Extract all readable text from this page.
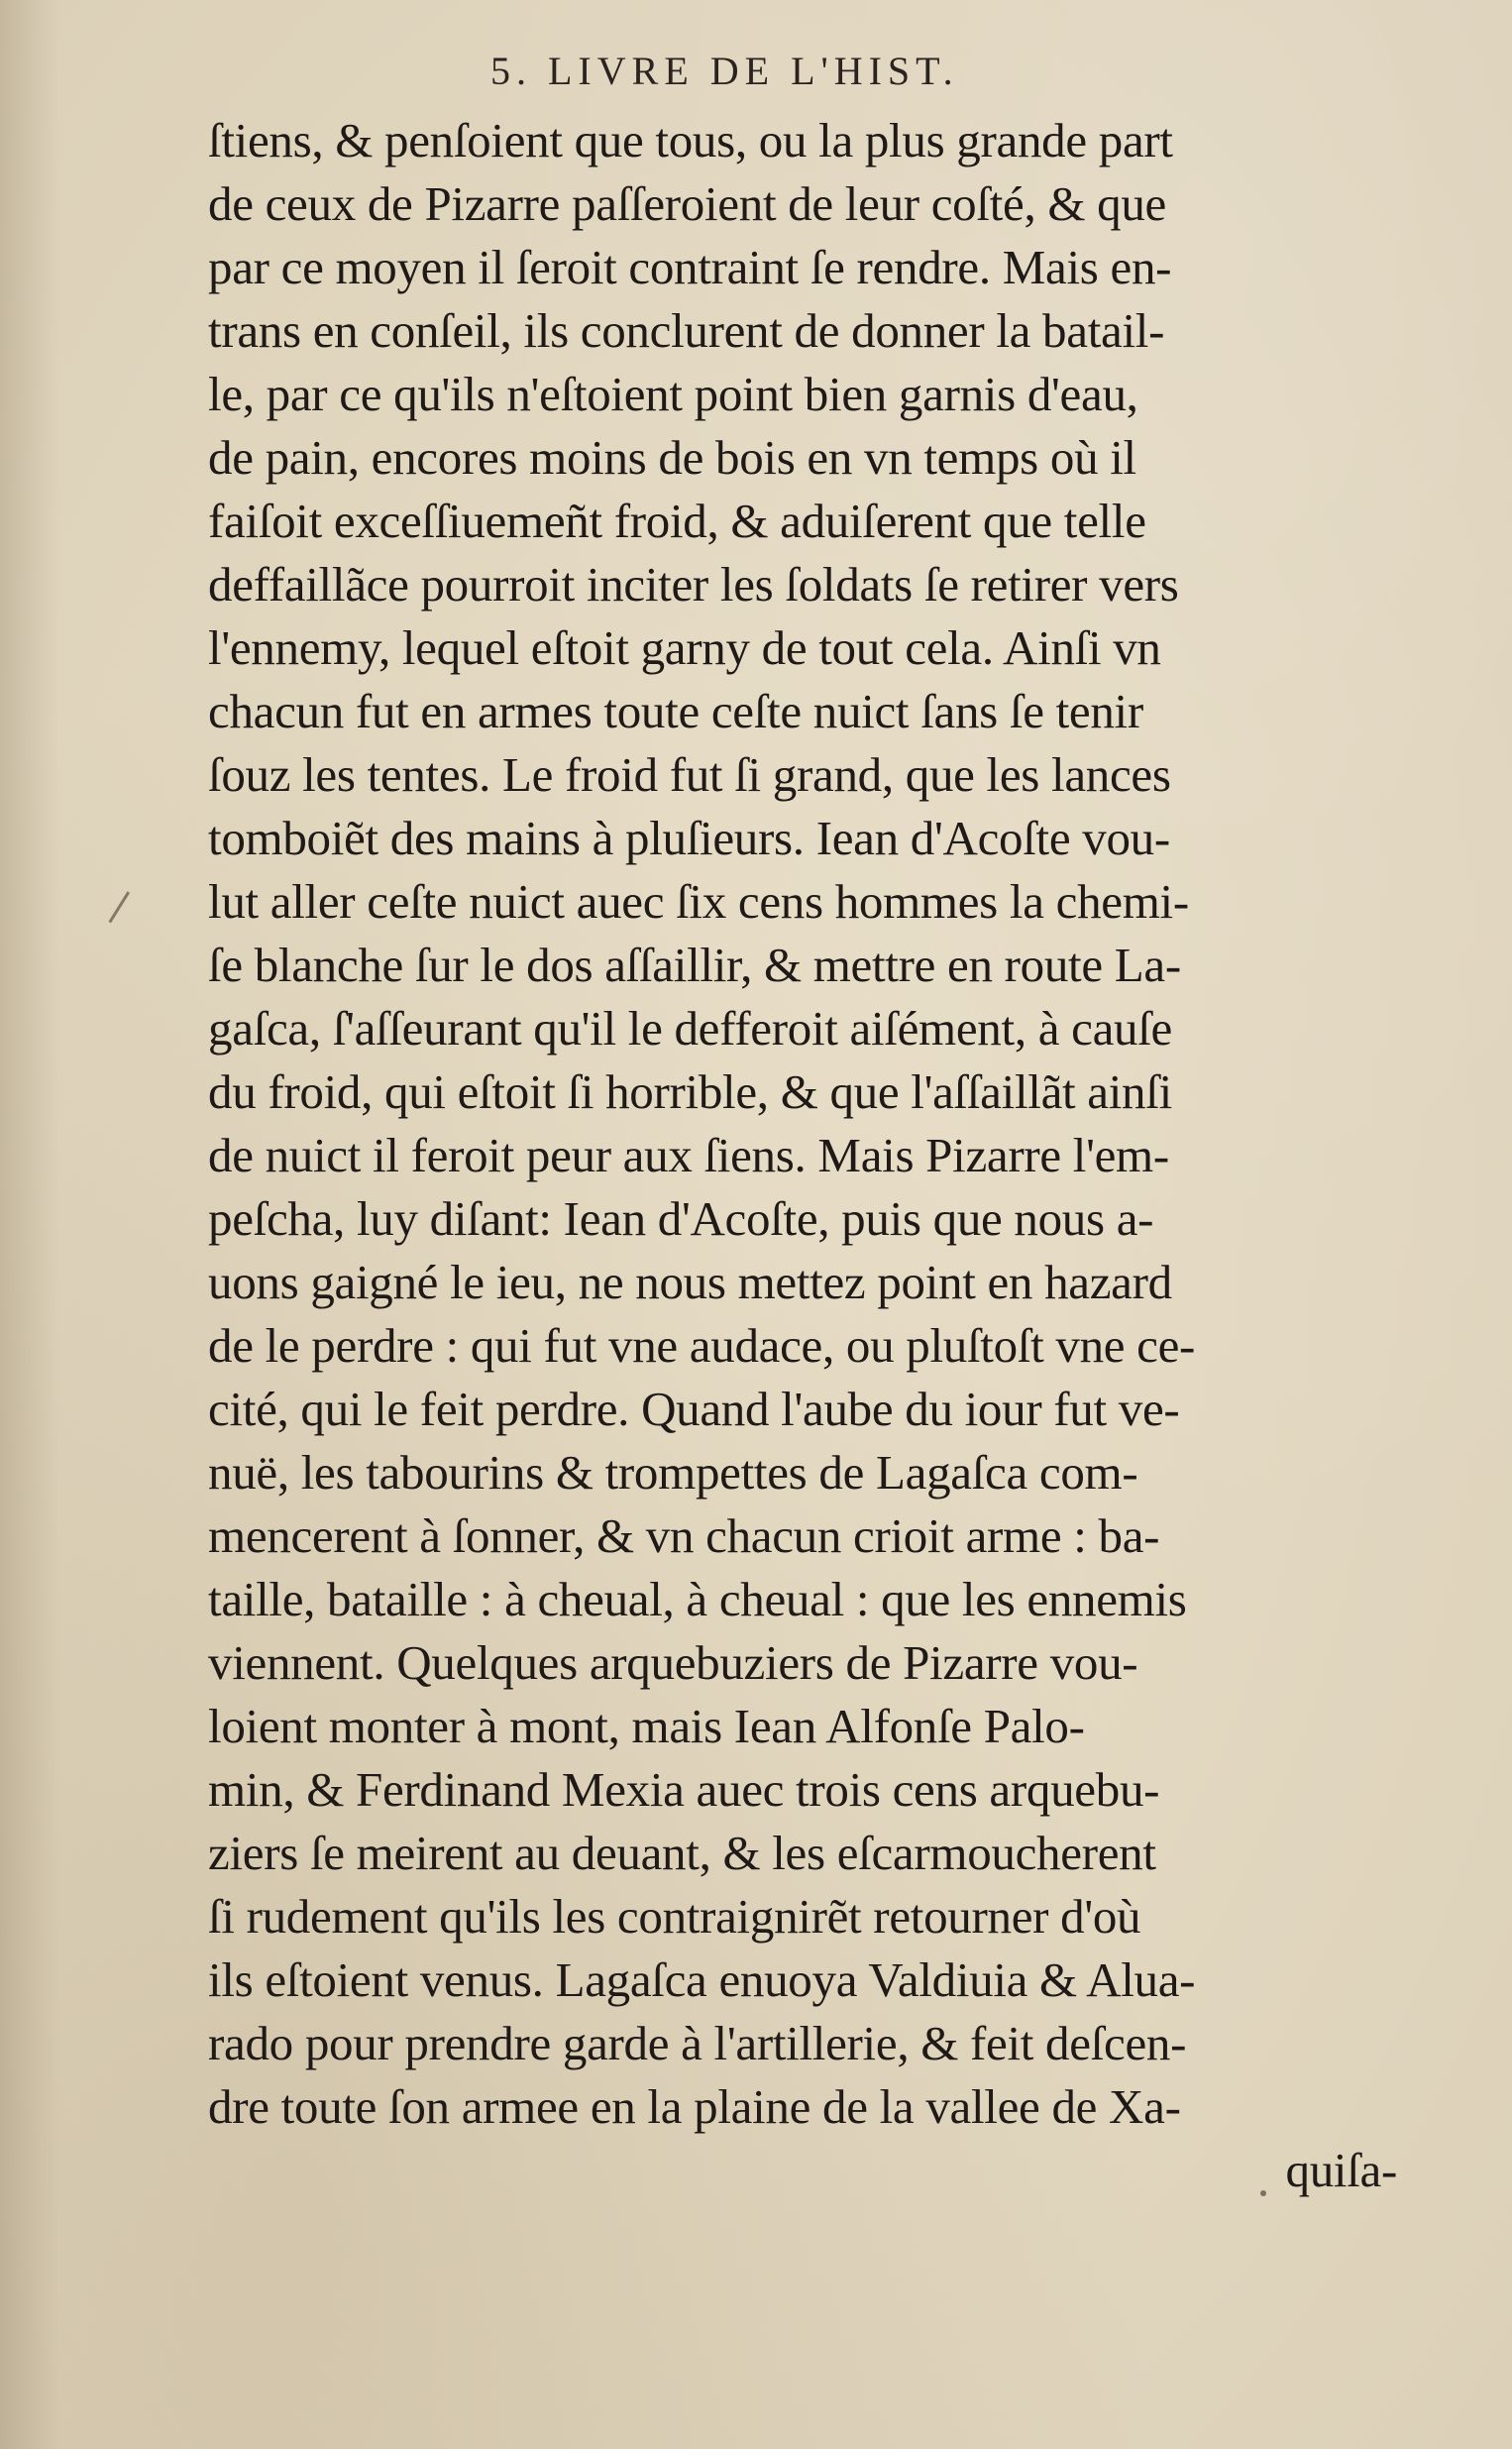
5. LIVRE DE L'HIST.
ſtiens, & penſoient que tous, ou la plus grande part
de ceux de Pizarre paſſeroient de leur coſté, & que
par ce moyen il ſeroit contraint ſe rendre. Mais en-
trans en conſeil, ils conclurent de donner la batail-
le, par ce qu'ils n'eſtoient point bien garnis d'eau,
de pain, encores moins de bois en vn temps où il
faiſoit exceſſiuemeñt froid, & aduiſerent que telle
deffaillãce pourroit inciter les ſoldats ſe retirer vers
l'ennemy, lequel eſtoit garny de tout cela. Ainſi vn
chacun fut en armes toute ceſte nuict ſans ſe tenir
ſouz les tentes. Le froid fut ſi grand, que les lances
tomboiẽt des mains à pluſieurs. Iean d'Acoſte vou-
lut aller ceſte nuict auec ſix cens hommes la chemi-
ſe blanche ſur le dos aſſaillir, & mettre en route La-
gaſca, ſ'aſſeurant qu'il le defferoit aiſément, à cauſe
du froid, qui eſtoit ſi horrible, & que l'aſſaillãt ainſi
de nuict il feroit peur aux ſiens. Mais Pizarre l'em-
peſcha, luy diſant: Iean d'Acoſte, puis que nous a-
uons gaigné le ieu, ne nous mettez point en hazard
de le perdre : qui fut vne audace, ou pluſtoſt vne ce-
cité, qui le feit perdre. Quand l'aube du iour fut ve-
nuë, les tabourins & trompettes de Lagaſca com-
mencerent à ſonner, & vn chacun crioit arme : ba-
taille, bataille : à cheual, à cheual : que les ennemis
viennent. Quelques arquebuziers de Pizarre vou-
loient monter à mont, mais Iean Alfonſe Palo-
min, & Ferdinand Mexia auec trois cens arquebu-
ziers ſe meirent au deuant, & les eſcarmoucherent
ſi rudement qu'ils les contraignirẽt retourner d'où
ils eſtoient venus. Lagaſca enuoya Valdiuia & Alua-
rado pour prendre garde à l'artillerie, & feit deſcen-
dre toute ſon armee en la plaine de la vallee de Xa-
quiſa-
